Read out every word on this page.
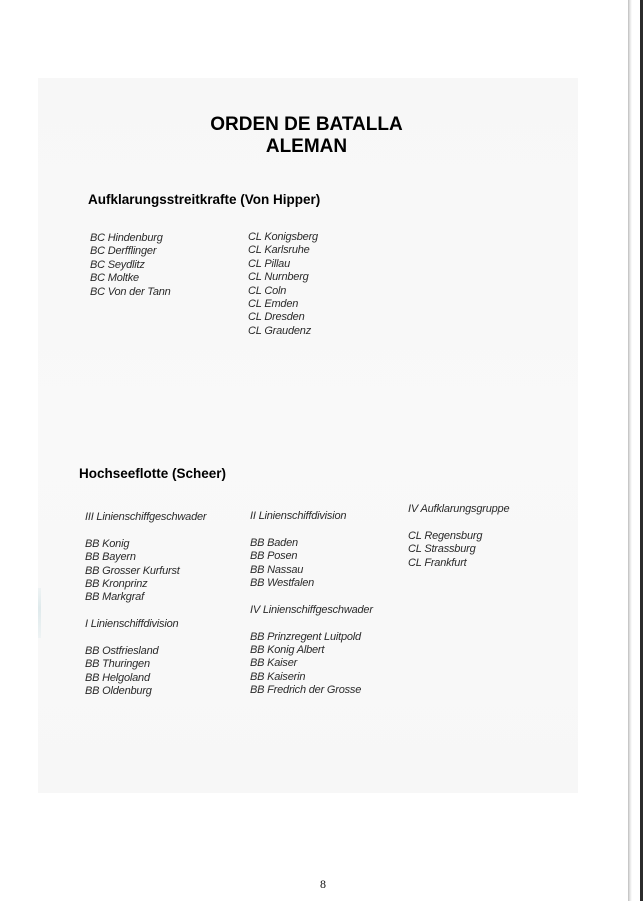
ORDEN DE BATALLA
ALEMAN
Aufklarungsstreitkrafte (Von Hipper)
BC Hindenburg
BC Derfflinger
BC Seydlitz
BC Moltke
BC Von der Tann
CL Konigsberg
CL Karlsruhe
CL Pillau
CL Nurnberg
CL Coln
CL Emden
CL Dresden
CL Graudenz
Hochseeflotte (Scheer)
III Linienschiffgeschwader
BB Konig
BB Bayern
BB Grosser Kurfurst
BB Kronprinz
BB Markgraf
I Linienschiffdivision
BB Ostfriesland
BB Thuringen
BB Helgoland
BB Oldenburg
II Linienschiffdivision
BB Baden
BB Posen
BB Nassau
BB Westfalen
IV Linienschiffgeschwader
BB Prinzregent Luitpold
BB Konig Albert
BB Kaiser
BB Kaiserin
BB Fredrich der Grosse
IV Aufklarungsgruppe
CL Regensburg
CL Strassburg
CL Frankfurt
8
